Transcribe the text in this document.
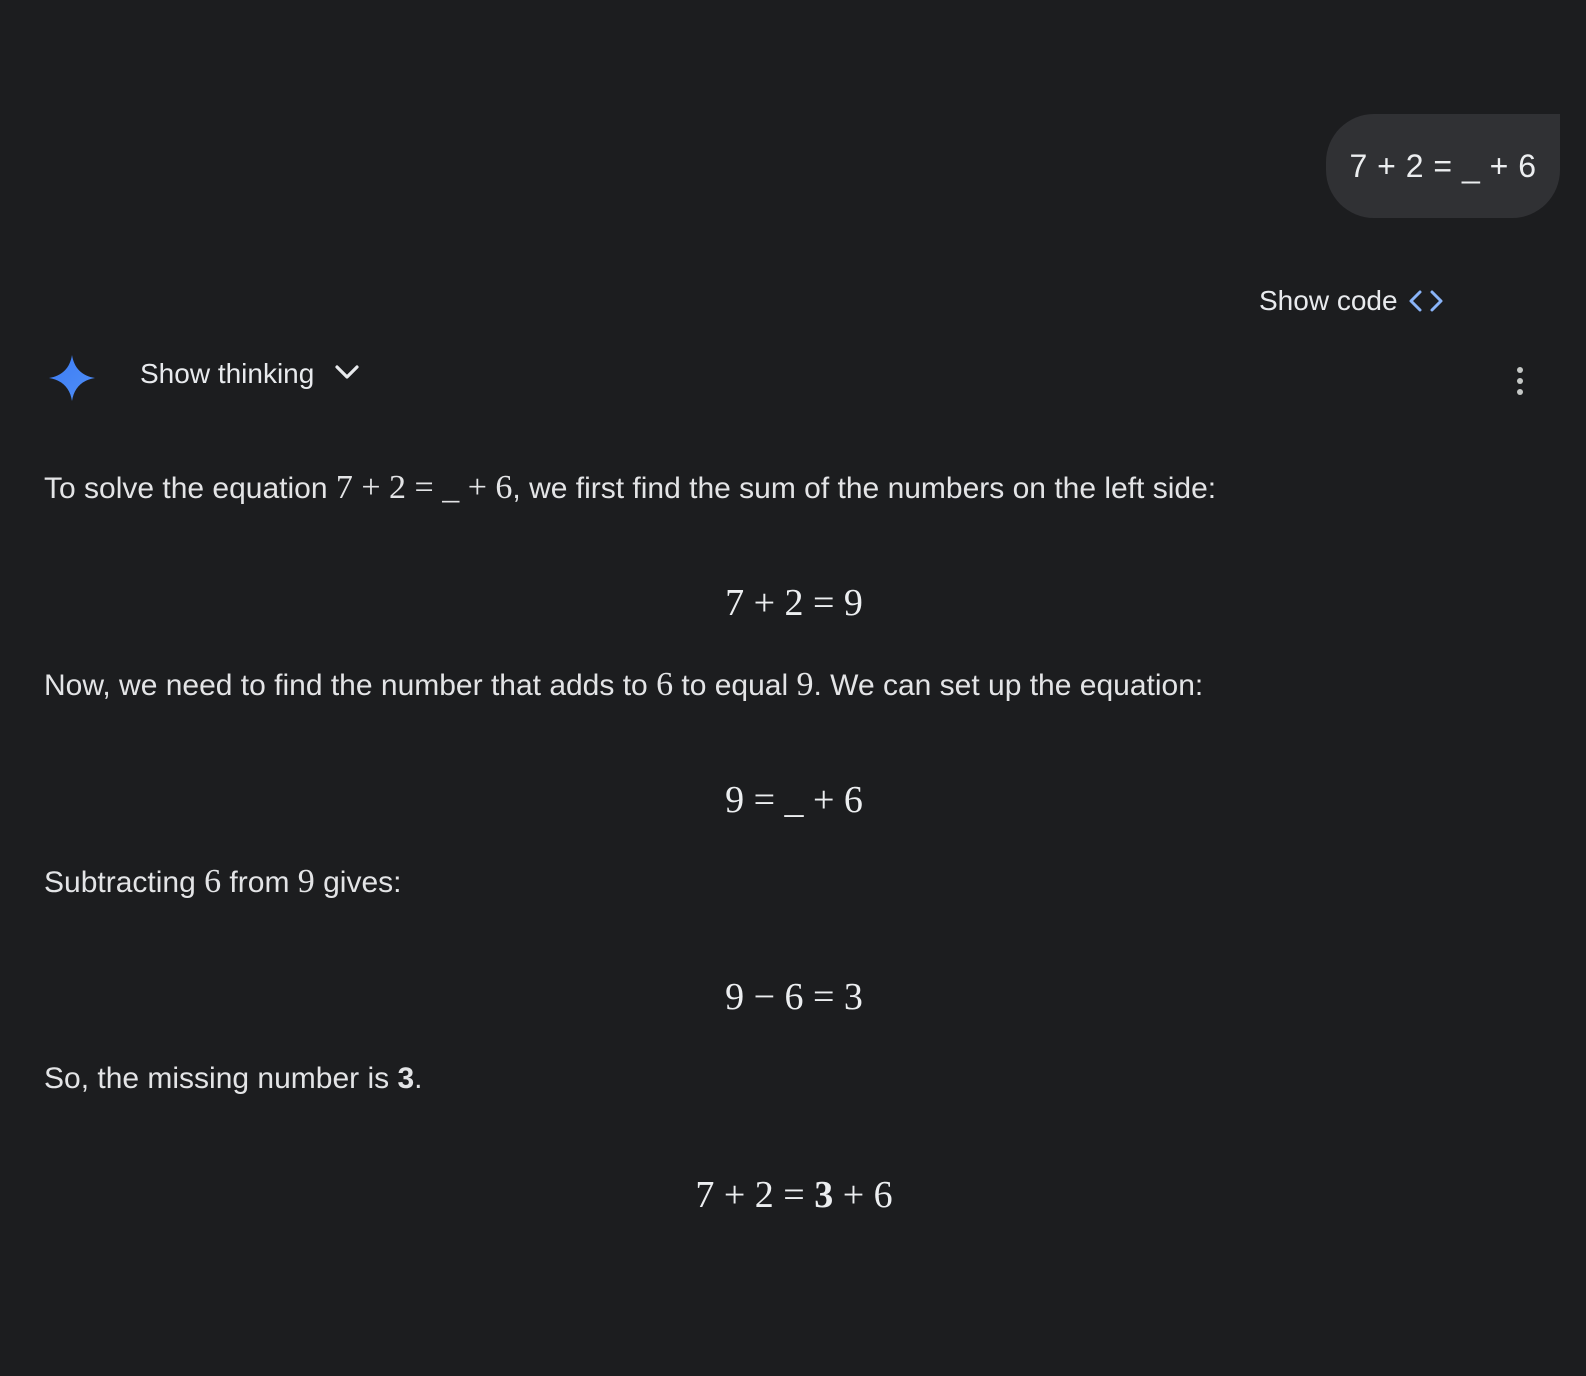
7 + 2 = _ + 6
Show code
Show thinking

To solve the equation 7 + 2 = _ + 6, we first find the sum of the numbers on the left side:

7 + 2 = 9

Now, we need to find the number that adds to 6 to equal 9. We can set up the equation:

9 = _ + 6

Subtracting 6 from 9 gives:

9 − 6 = 3

So, the missing number is 3.

7 + 2 = 3 + 6
